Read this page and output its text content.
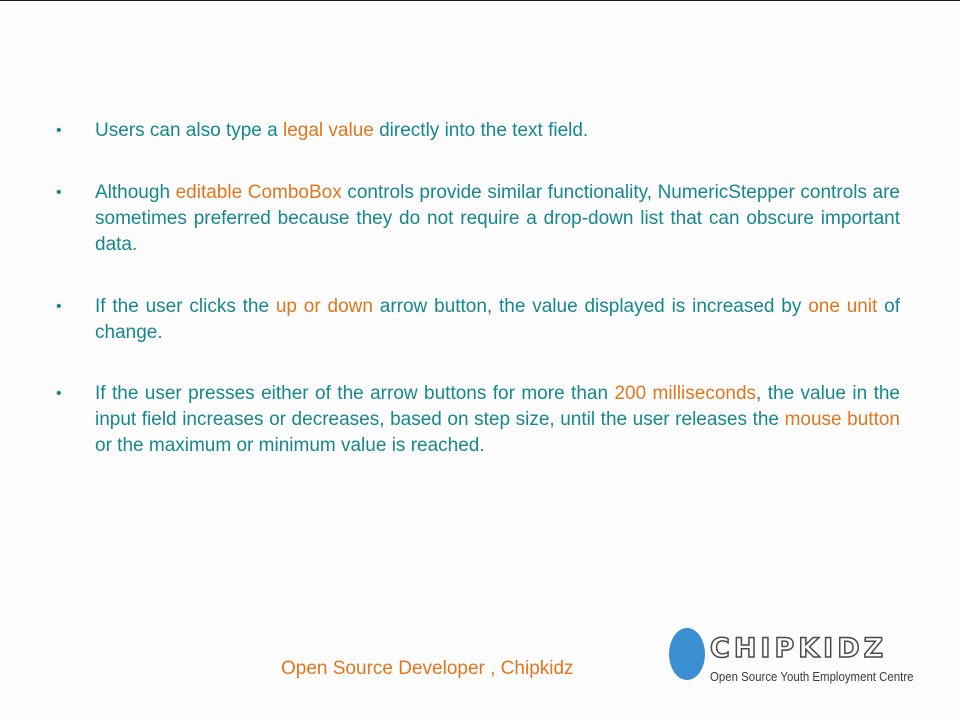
•	Users can also type a legal value directly into the text field.
•	Although editable ComboBox controls provide similar functionality, NumericStepper controls are sometimes preferred because they do not require a drop-down list that can obscure important data.
•	If the user clicks the up or down arrow button, the value displayed is increased by one unit of change.
•	If the user presses either of the arrow buttons for more than 200 milliseconds, the value in the input field increases or decreases, based on step size, until the user releases the mouse button or the maximum or minimum value is reached.
Open Source Developer , Chipkidz
CHIPKIDZ
Open Source Youth Employment Centre
